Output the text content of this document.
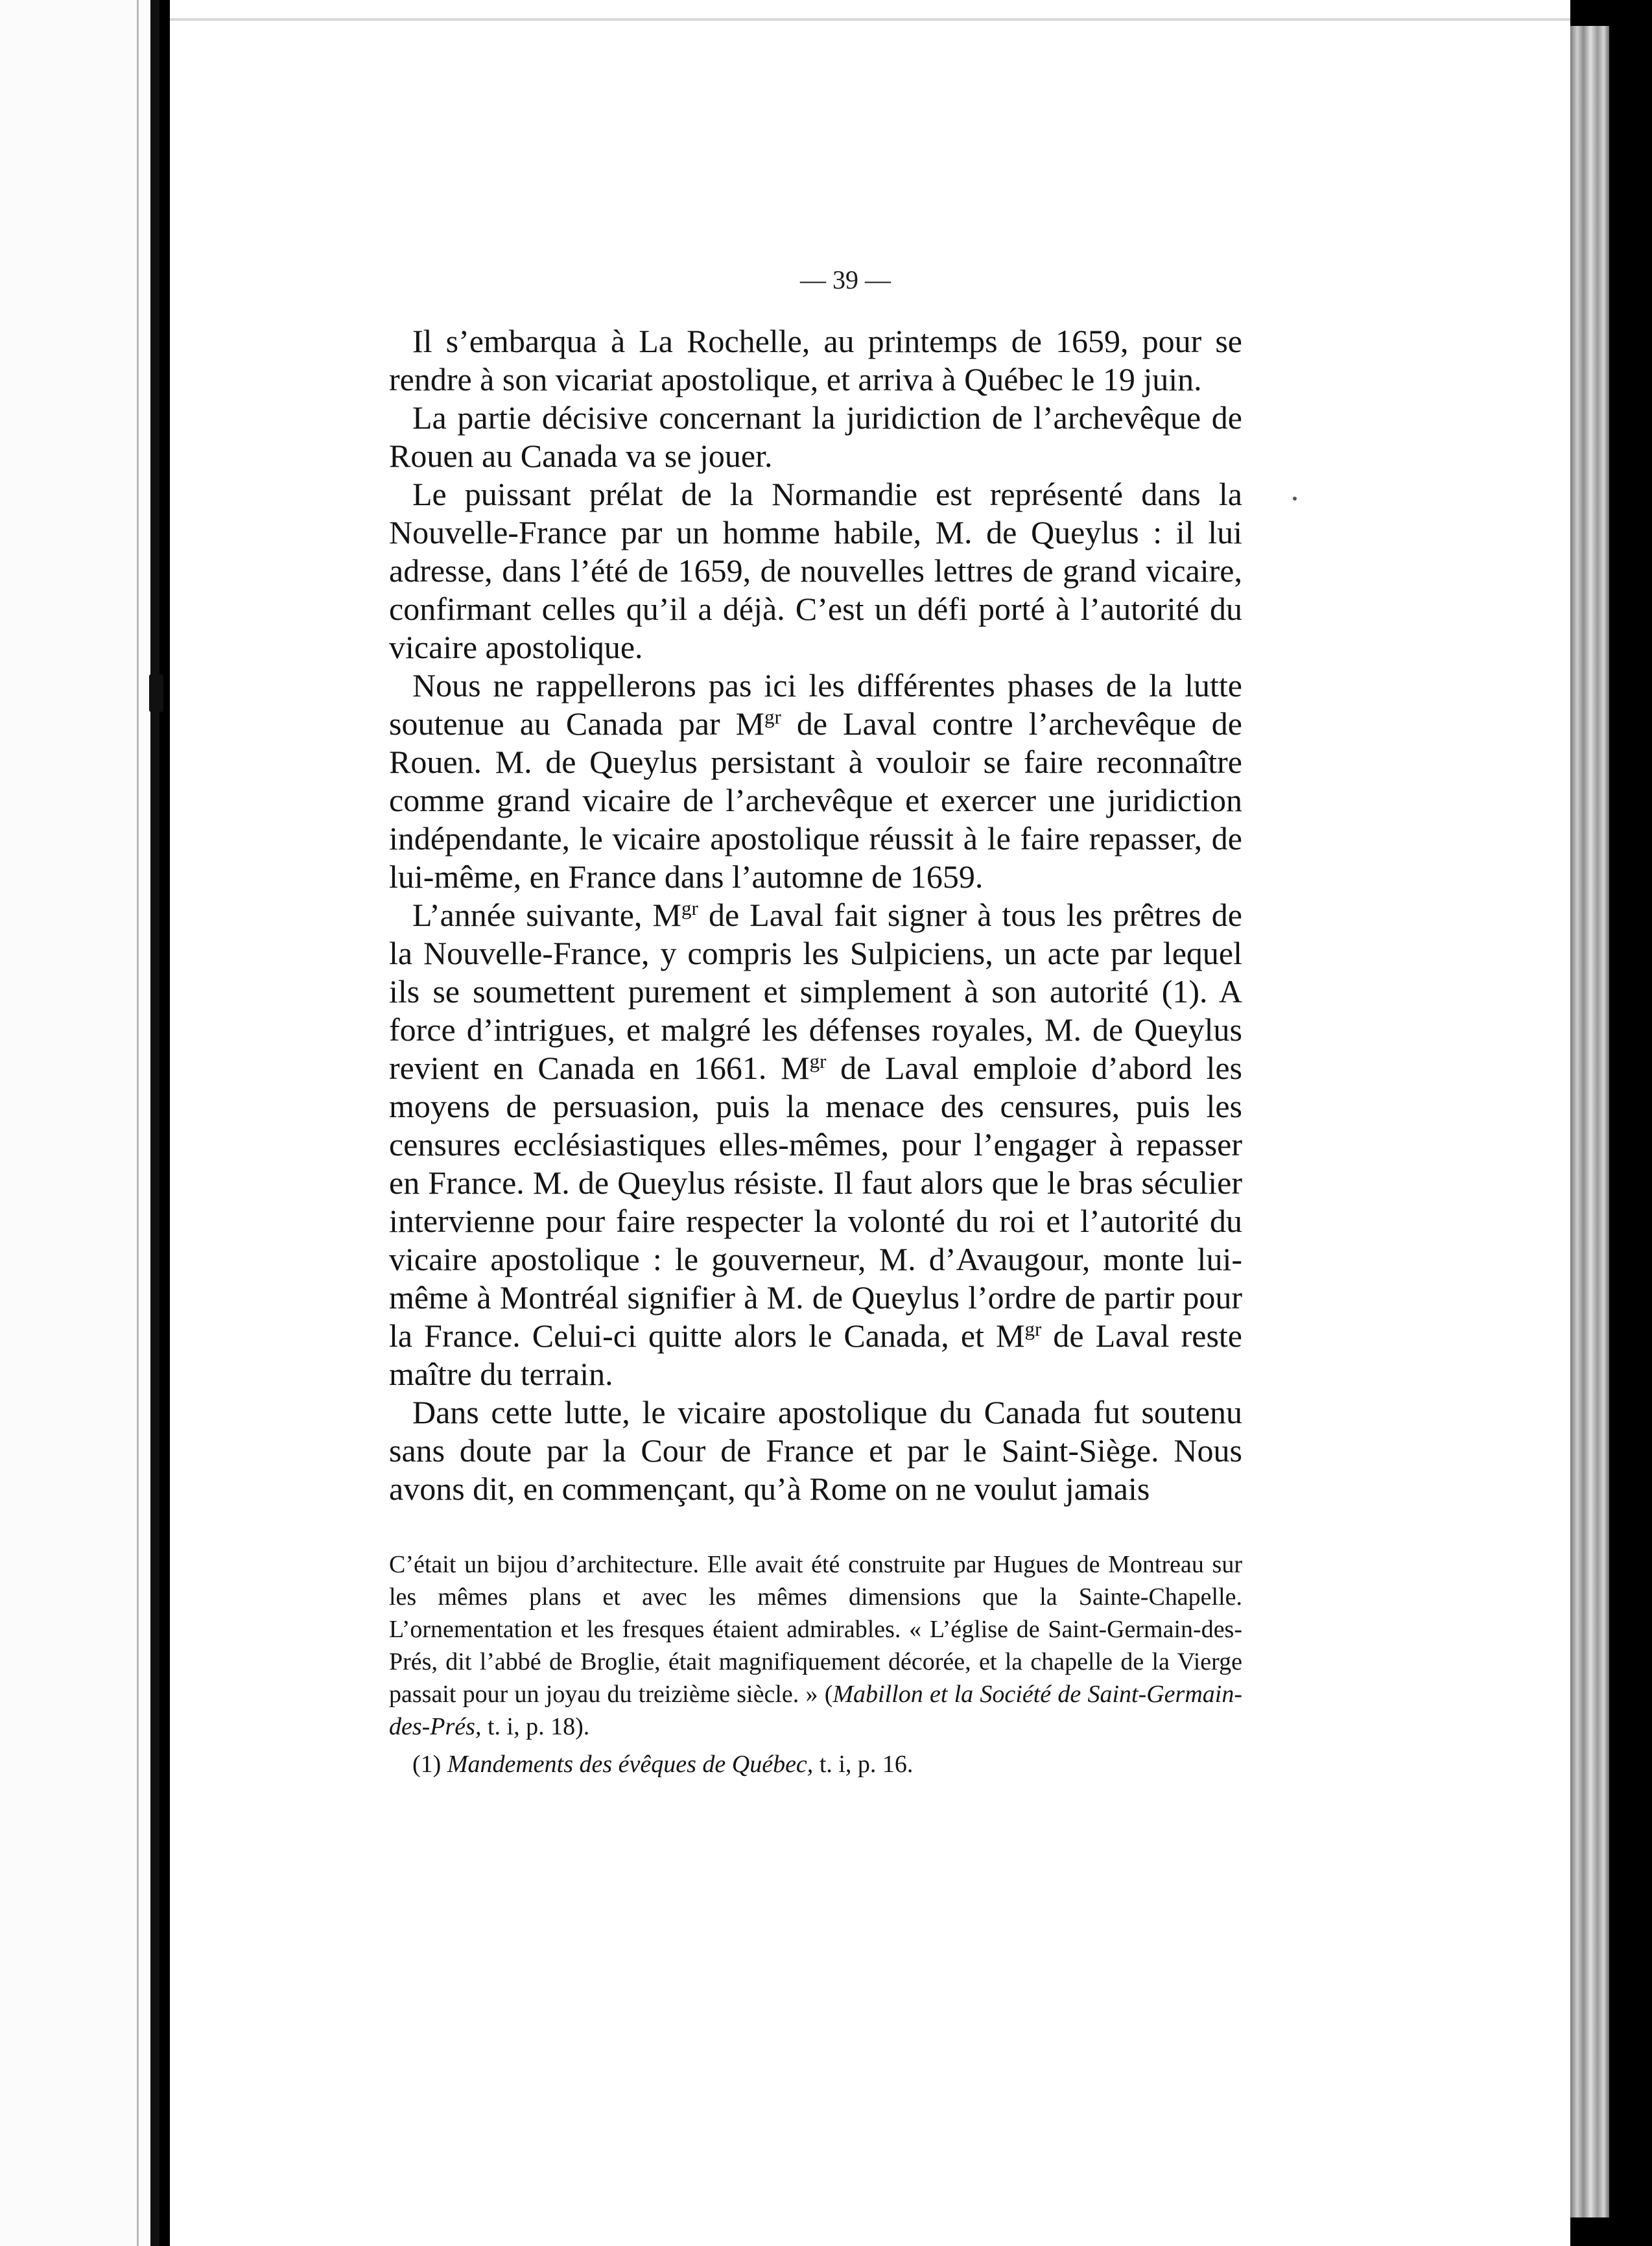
— 39 —

Il s’embarqua à La Rochelle, au printemps de 1659, pour se rendre à son vicariat apostolique, et arriva à Québec le 19 juin.

La partie décisive concernant la juridiction de l’archevêque de Rouen au Canada va se jouer.

Le puissant prélat de la Normandie est représenté dans la Nouvelle-France par un homme habile, M. de Queylus : il lui adresse, dans l’été de 1659, de nouvelles lettres de grand vicaire, confirmant celles qu’il a déjà. C’est un défi porté à l’autorité du vicaire apostolique.

Nous ne rappellerons pas ici les différentes phases de la lutte soutenue au Canada par $M^{gr}$ de Laval contre l’archevêque de Rouen. M. de Queylus persistant à vouloir se faire reconnaître comme grand vicaire de l’archevêque et exercer une juridiction indépendante, le vicaire apostolique réussit à le faire repasser, de lui-même, en France dans l’automne de 1659.

L’année suivante, $M^{gr}$ de Laval fait signer à tous les prêtres de la Nouvelle-France, y compris les Sulpiciens, un acte par lequel ils se soumettent purement et simplement à son autorité (1). A force d’intrigues, et malgré les défenses royales, M. de Queylus revient en Canada en 1661. $M^{gr}$ de Laval emploie d’abord les moyens de persuasion, puis la menace des censures, puis les censures ecclésiastiques elles-mêmes, pour l’engager à repasser en France. M. de Queylus résiste. Il faut alors que le bras séculier intervienne pour faire respecter la volonté du roi et l’autorité du vicaire apostolique : le gouverneur, M. d’Avaugour, monte lui-même à Montréal signifier à M. de Queylus l’ordre de partir pour la France. Celui-ci quitte alors le Canada, et $M^{gr}$ de Laval reste maître du terrain.

Dans cette lutte, le vicaire apostolique du Canada fut soutenu sans doute par la Cour de France et par le Saint-Siège. Nous avons dit, en commençant, qu’à Rome on ne voulut jamais

C’était un bijou d’architecture. Elle avait été construite par Hugues de Montreau sur les mêmes plans et avec les mêmes dimensions que la Sainte-Chapelle. L’ornementation et les fresques étaient admirables. « L’église de Saint-Germain-des-Prés, dit l’abbé de Broglie, était magnifiquement décorée, et la chapelle de la Vierge passait pour un joyau du treizième siècle. » (Mabillon et la Société de Saint-Germain-des-Prés, t. i, p. 18).

(1) Mandements des évêques de Québec, t. i, p. 16.
